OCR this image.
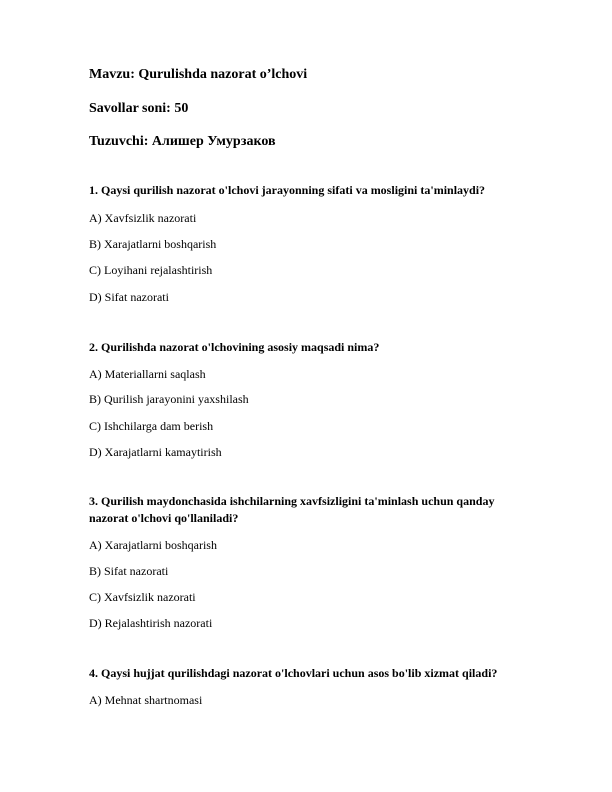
Mavzu: Qurulishda nazorat o’lchovi
Savollar soni: 50
Tuzuvchi: Алишер Умурзаков
1. Qaysi qurilish nazorat o'lchovi jarayonning sifati va mosligini ta'minlaydi?
A) Xavfsizlik nazorati
B) Xarajatlarni boshqarish
C) Loyihani rejalashtirish
D) Sifat nazorati
2. Qurilishda nazorat o'lchovining asosiy maqsadi nima?
A) Materiallarni saqlash
B) Qurilish jarayonini yaxshilash
C) Ishchilarga dam berish
D) Xarajatlarni kamaytirish
3. Qurilish maydonchasida ishchilarning xavfsizligini ta'minlash uchun qanday nazorat o'lchovi qo'llaniladi?
A) Xarajatlarni boshqarish
B) Sifat nazorati
C) Xavfsizlik nazorati
D) Rejalashtirish nazorati
4. Qaysi hujjat qurilishdagi nazorat o'lchovlari uchun asos bo'lib xizmat qiladi?
A) Mehnat shartnomasi
